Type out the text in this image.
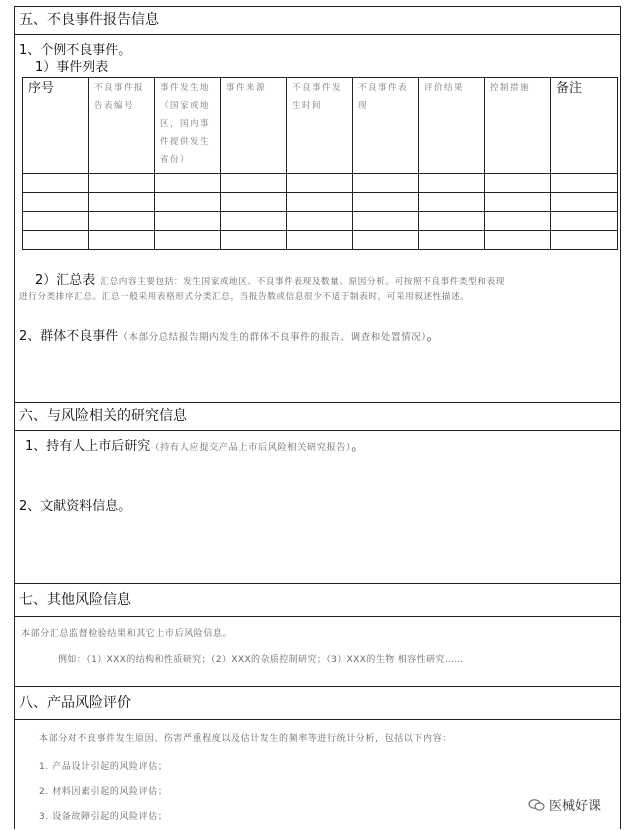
五、不良事件报告信息
1、个例不良事件。
1）事件列表
序号	不良事件报告表编号	事件发生地（国家或地区，国内事件提供发生省份）	事件来源	不良事件发生时间	不良事件表现	评价结果	控制措施	备注

2）汇总表 汇总内容主要包括：发生国家或地区、不良事件表现及数量、原因分析。可按照不良事件类型和表现
进行分类排序汇总。汇总一般采用表格形式分类汇总，当报告数或信息很少不适于制表时，可采用叙述性描述。
2、群体不良事件（本部分总结报告期内发生的群体不良事件的报告、调查和处置情况）。
六、与风险相关的研究信息
1、持有人上市后研究（持有人应提交产品上市后风险相关研究报告）。
2、文献资料信息。
七、其他风险信息
本部分汇总监督检验结果和其它上市后风险信息。
例如：（1）XXX的结构和性质研究；（2）XXX的杂质控制研究；（3）XXX的生物 相容性研究……
八、产品风险评价
本部分对不良事件发生原因、伤害严重程度以及估计发生的频率等进行统计分析，包括以下内容：
1. 产品设计引起的风险评估；
2. 材料因素引起的风险评估；
3. 设备故障引起的风险评估；
医械好课
